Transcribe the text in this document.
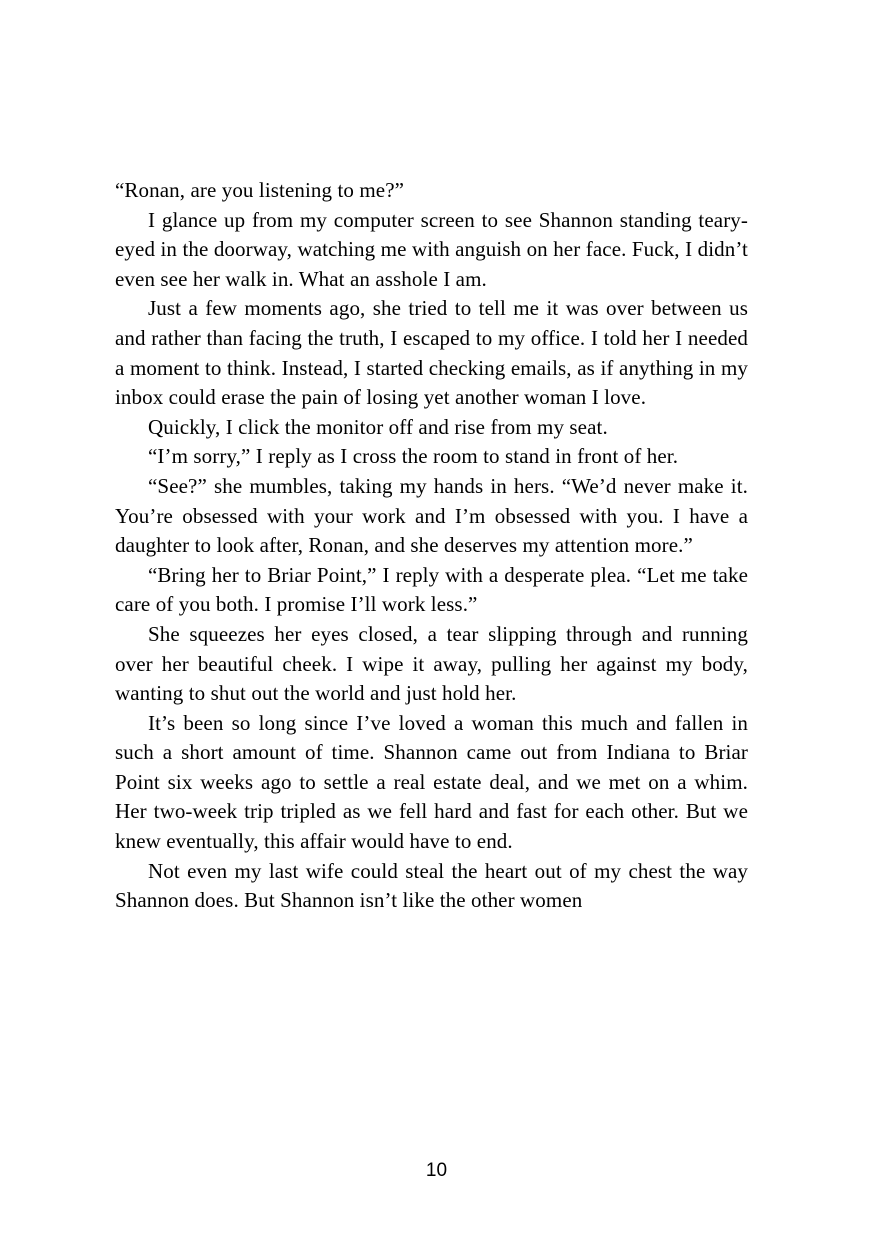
“Ronan, are you listening to me?”

I glance up from my computer screen to see Shannon standing teary-eyed in the doorway, watching me with anguish on her face. Fuck, I didn’t even see her walk in. What an asshole I am.

Just a few moments ago, she tried to tell me it was over between us and rather than facing the truth, I escaped to my office. I told her I needed a moment to think. Instead, I started checking emails, as if anything in my inbox could erase the pain of losing yet another woman I love.

Quickly, I click the monitor off and rise from my seat.

“I’m sorry,” I reply as I cross the room to stand in front of her.

“See?” she mumbles, taking my hands in hers. “We’d never make it. You’re obsessed with your work and I’m obsessed with you. I have a daughter to look after, Ronan, and she deserves my attention more.”

“Bring her to Briar Point,” I reply with a desperate plea. “Let me take care of you both. I promise I’ll work less.”

She squeezes her eyes closed, a tear slipping through and running over her beautiful cheek. I wipe it away, pulling her against my body, wanting to shut out the world and just hold her.

It’s been so long since I’ve loved a woman this much and fallen in such a short amount of time. Shannon came out from Indiana to Briar Point six weeks ago to settle a real estate deal, and we met on a whim. Her two-week trip tripled as we fell hard and fast for each other. But we knew eventually, this affair would have to end.

Not even my last wife could steal the heart out of my chest the way Shannon does. But Shannon isn’t like the other women

10
